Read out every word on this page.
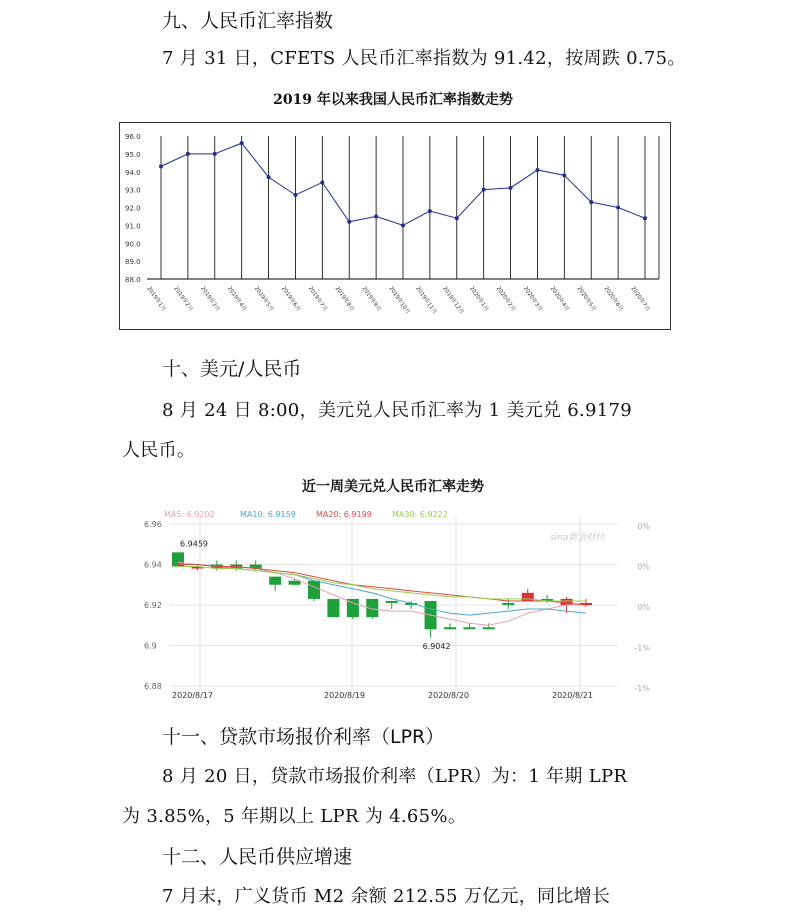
九、人民币汇率指数
7 月 31 日，CFETS 人民币汇率指数为 91.42，按周跌 0.75。
2019 年以来我国人民币汇率指数走势
88.0
89.0
90.0
91.0
92.0
93.0
94.0
95.0
96.0
2019年1月 2019年2月 2019年3月 2019年4月 2019年5月 2019年6月 2019年7月 2019年8月 2019年9月 2019年10月 2019年11月 2019年12月 2020年1月 2020年2月 2020年3月 2020年4月 2020年5月 2020年6月 2020年7月
十、美元/人民币
8 月 24 日 8:00，美元兑人民币汇率为 1 美元兑 6.9179
人民币。
近一周美元兑人民币汇率走势
MA5: 6.9202	MA10: 6.9159	MA20: 6.9199	MA30: 6.9222
sina新浪财经
6.96
6.94
6.92
6.9
6.88
0%
0%
0%
-1%
-1%
2020/8/17	2020/8/19	2020/8/20	2020/8/21
6.9459
6.9042
十一、贷款市场报价利率（LPR）
8 月 20 日，贷款市场报价利率（LPR）为：1 年期 LPR
为 3.85%，5 年期以上 LPR 为 4.65%。
十二、人民币供应增速
7 月末，广义货币 M2 余额 212.55 万亿元，同比增长
